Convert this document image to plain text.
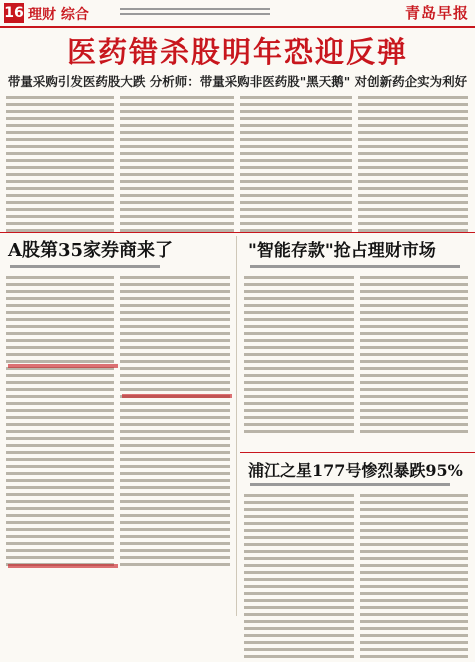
16 理财 综合	青岛早报
医药错杀股明年恐迎反弹
带量采购引发医药股大跌 分析师：带量采购非医药股"黑天鹅" 对创新药企实为利好
A股第35家券商来了	"智能存款"抢占理财市场
浦江之星177号惨烈暴跌95%
